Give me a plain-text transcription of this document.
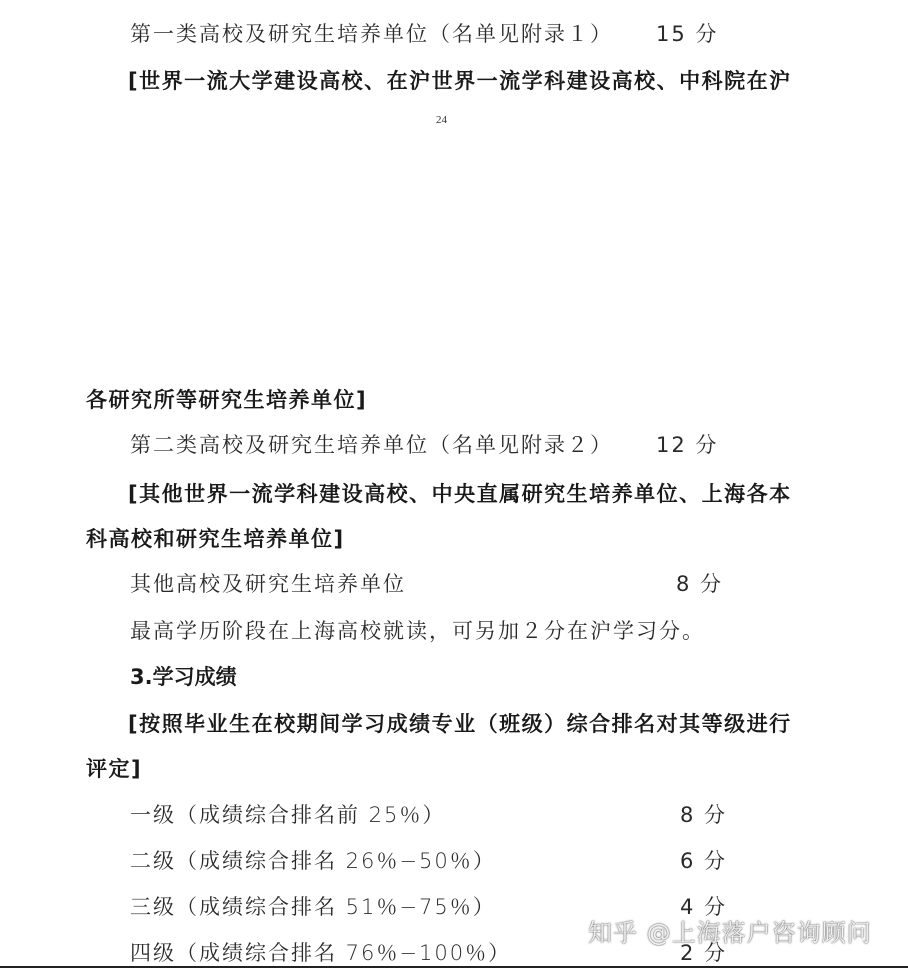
第一类高校及研究生培养单位（名单见附录１） 15 分
[世界一流大学建设高校、在沪世界一流学科建设高校、中科院在沪
24
各研究所等研究生培养单位]
第二类高校及研究生培养单位（名单见附录２） 12 分
[其他世界一流学科建设高校、中央直属研究生培养单位、上海各本
科高校和研究生培养单位]
其他高校及研究生培养单位	8 分
最高学历阶段在上海高校就读，可另加２分在沪学习分。
3.学习成绩
[按照毕业生在校期间学习成绩专业（班级）综合排名对其等级进行
评定]
一级（成绩综合排名前 25％）	8 分
二级（成绩综合排名 26％−50％）	6 分
三级（成绩综合排名 51％−75％）	4 分
四级（成绩综合排名 76％−100％）	2 分
知乎 @上海落户咨询顾问
